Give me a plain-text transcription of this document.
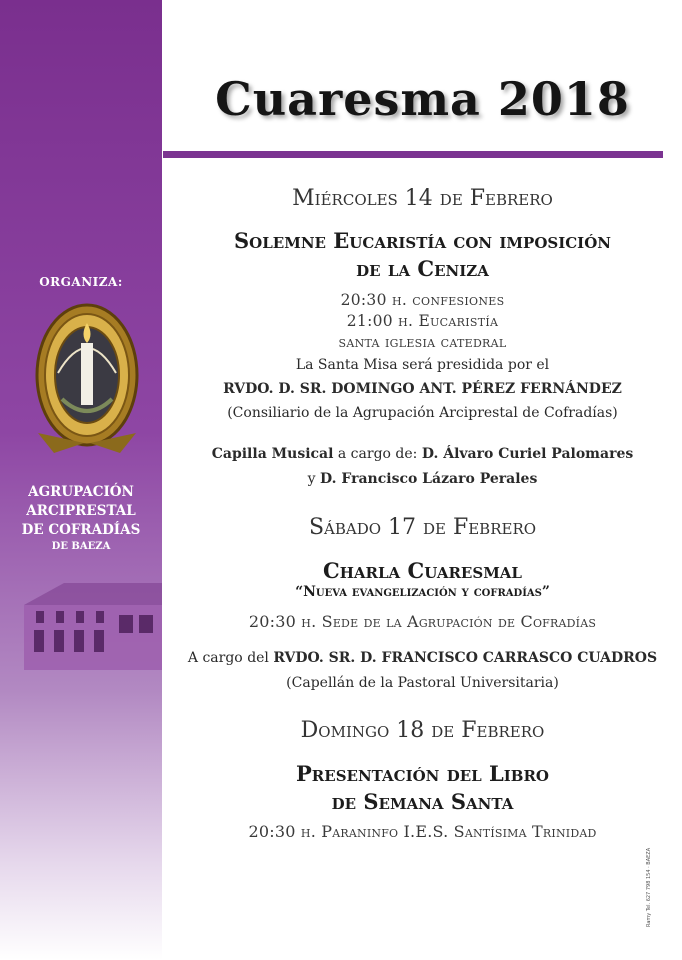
ORGANIZA:
AGRUPACIÓN
ARCIPRESTAL
DE COFRADÍAS
DE BAEZA
Cuaresma 2018
Miércoles 14 de Febrero
Solemne Eucaristía con imposición
de la Ceniza
20:30 h. confesiones
21:00 h. Eucaristía
santa iglesia catedral
La Santa Misa será presidida por el
RVDO. D. SR. DOMINGO ANT. PÉREZ FERNÁNDEZ
(Consiliario de la Agrupación Arciprestal de Cofradías)
Capilla Musical a cargo de: D. Álvaro Curiel Palomares
y D. Francisco Lázaro Perales
Sábado 17 de Febrero
Charla Cuaresmal
“Nueva evangelización y cofradías”
20:30 h. Sede de la Agrupación de Cofradías
A cargo del RVDO. SR. D. FRANCISCO CARRASCO CUADROS
(Capellán de la Pastoral Universitaria)
Domingo 18 de Febrero
Presentación del Libro
de Semana Santa
20:30 h. Paraninfo I.E.S. Santísima Trinidad
Ramy Tel. 627 798 154 · BAEZA
